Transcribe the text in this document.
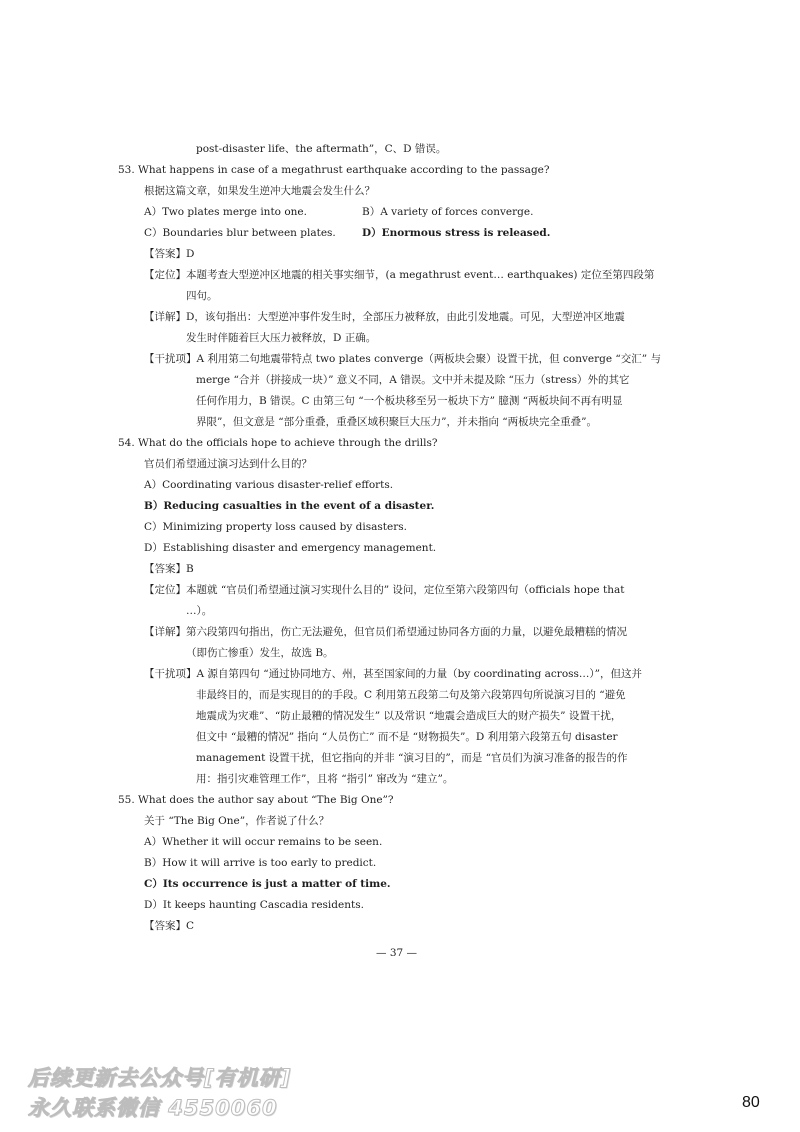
post-disaster life、the aftermath”，C、D 错误。
53. What happens in case of a megathrust earthquake according to the passage?
根据这篇文章，如果发生逆冲大地震会发生什么？
A）Two plates merge into one.	B）A variety of forces converge.
C）Boundaries blur between plates. D）Enormous stress is released.
【答案】D
【定位】本题考查大型逆冲区地震的相关事实细节，(a megathrust event… earthquakes) 定位至第四段第
四句。
【详解】D，该句指出：大型逆冲事件发生时，全部压力被释放，由此引发地震。可见，大型逆冲区地震
发生时伴随着巨大压力被释放，D 正确。
【干扰项】A 利用第二句地震带特点 two plates converge（两板块会聚）设置干扰，但 converge “交汇” 与
merge “合并（拼接成一块）” 意义不同，A 错误。文中并未提及除 “压力（stress）外的其它
任何作用力，B 错误。C 由第三句 “一个板块移至另一板块下方” 臆测 “两板块间不再有明显
界限”，但文意是 “部分重叠，重叠区域积聚巨大压力”，并未指向 “两板块完全重叠”。
54. What do the officials hope to achieve through the drills?
官员们希望通过演习达到什么目的？
A）Coordinating various disaster-relief efforts.
B）Reducing casualties in the event of a disaster.
C）Minimizing property loss caused by disasters.
D）Establishing disaster and emergency management.
【答案】B
【定位】本题就 “官员们希望通过演习实现什么目的” 设问，定位至第六段第四句（officials hope that
…）。
【详解】第六段第四句指出，伤亡无法避免，但官员们希望通过协同各方面的力量，以避免最糟糕的情况
（即伤亡惨重）发生，故选 B。
【干扰项】A 源自第四句 “通过协同地方、州，甚至国家间的力量（by coordinating across…）”，但这并
非最终目的，而是实现目的的手段。C 利用第五段第二句及第六段第四句所说演习目的 “避免
地震成为灾难”、“防止最糟的情况发生” 以及常识 “地震会造成巨大的财产损失” 设置干扰，
但文中 “最糟的情况” 指向 “人员伤亡” 而不是 “财物损失”。D 利用第六段第五句 disaster
management 设置干扰，但它指向的并非 “演习目的”，而是 “官员们为演习准备的报告的作
用：指引灾难管理工作”，且将 “指引” 窜改为 “建立”。
55. What does the author say about “The Big One”?
关于 “The Big One”，作者说了什么？
A）Whether it will occur remains to be seen.
B）How it will arrive is too early to predict.
C）Its occurrence is just a matter of time.
D）It keeps haunting Cascadia residents.
【答案】C
— 37 —
后续更新去公众号[有机研]
永久联系微信 4550060	80
